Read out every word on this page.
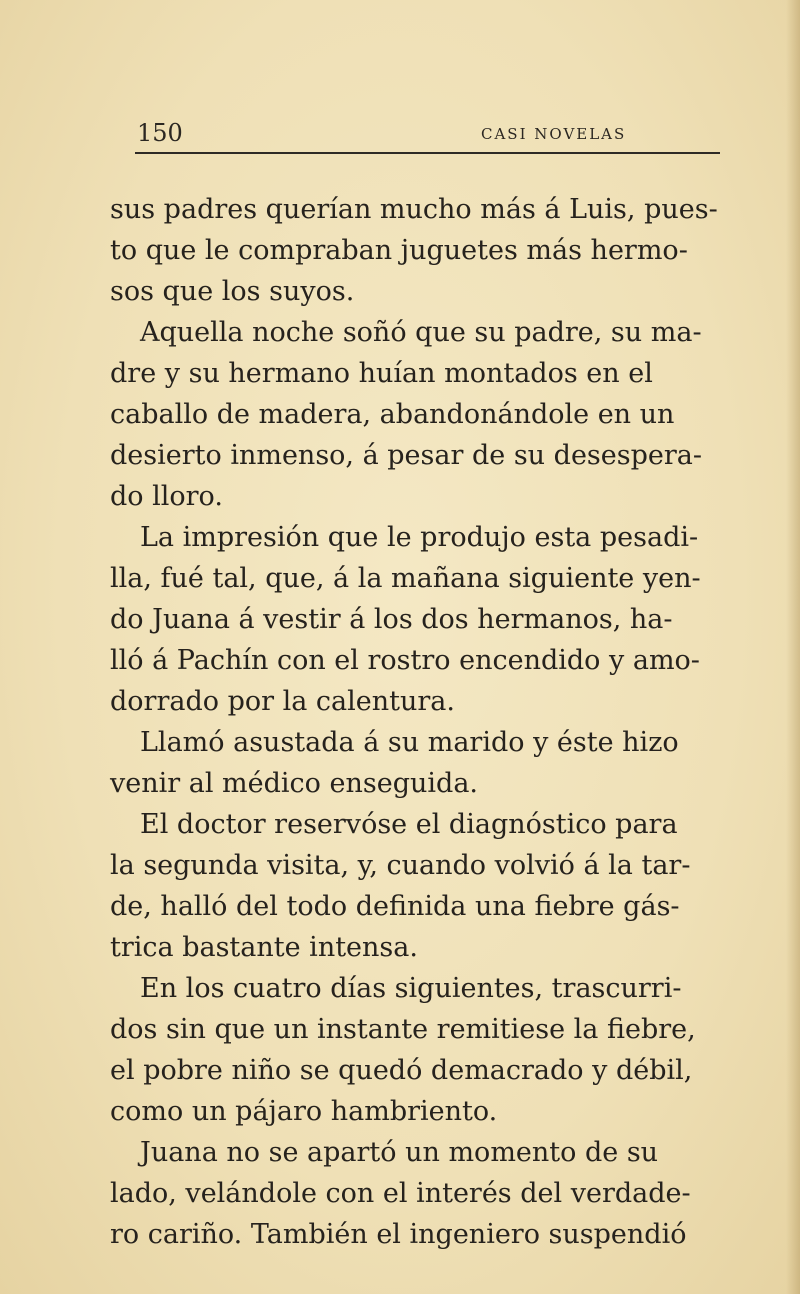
150	CASI NOVELAS
sus padres querían mucho más á Luis, pues-
to que le compraban juguetes más hermo-
sos que los suyos.
Aquella noche soñó que su padre, su ma-
dre y su hermano huían montados en el
caballo de madera, abandonándole en un
desierto inmenso, á pesar de su desespera-
do lloro.
La impresión que le produjo esta pesadi-
lla, fué tal, que, á la mañana siguiente yen-
do Juana á vestir á los dos hermanos, ha-
lló á Pachín con el rostro encendido y amo-
dorrado por la calentura.
Llamó asustada á su marido y éste hizo
venir al médico enseguida.
El doctor reservóse el diagnóstico para
la segunda visita, y, cuando volvió á la tar-
de, halló del todo definida una fiebre gás-
trica bastante intensa.
En los cuatro días siguientes, trascurri-
dos sin que un instante remitiese la fiebre,
el pobre niño se quedó demacrado y débil,
como un pájaro hambriento.
Juana no se apartó un momento de su
lado, velándole con el interés del verdade-
ro cariño. También el ingeniero suspendió
